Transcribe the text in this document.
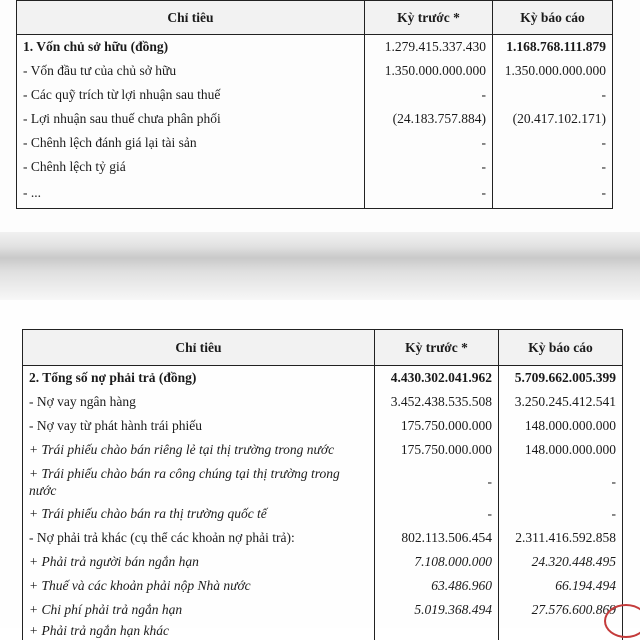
Chỉ tiêu	Kỳ trước *	Kỳ báo cáo
1. Vốn chủ sở hữu (đồng)	1.279.415.337.430	1.168.768.111.879
- Vốn đầu tư của chủ sở hữu	1.350.000.000.000	1.350.000.000.000
- Các quỹ trích từ lợi nhuận sau thuế	-	-
- Lợi nhuận sau thuế chưa phân phối	(24.183.757.884)	(20.417.102.171)
- Chênh lệch đánh giá lại tài sản	-	-
- Chênh lệch tỷ giá	-	-
- ...	-	-
Chỉ tiêu	Kỳ trước *	Kỳ báo cáo
2. Tổng số nợ phải trả (đồng)	4.430.302.041.962	5.709.662.005.399
- Nợ vay ngân hàng	3.452.438.535.508	3.250.245.412.541
- Nợ vay từ phát hành trái phiếu	175.750.000.000	148.000.000.000
+ Trái phiếu chào bán riêng lẻ tại thị trường trong nước	175.750.000.000	148.000.000.000
+ Trái phiếu chào bán ra công chúng tại thị trường trong nước	-	-
+ Trái phiếu chào bán ra thị trường quốc tế	-	-
- Nợ phải trả khác (cụ thể các khoản nợ phải trả):	802.113.506.454	2.311.416.592.858
+ Phải trả người bán ngắn hạn	7.108.000.000	24.320.448.495
+ Thuế và các khoản phải nộp Nhà nước	63.486.960	66.194.494
+ Chi phí phải trả ngắn hạn	5.019.368.494	27.576.600.869
+ Phải trả ngắn hạn khác		
